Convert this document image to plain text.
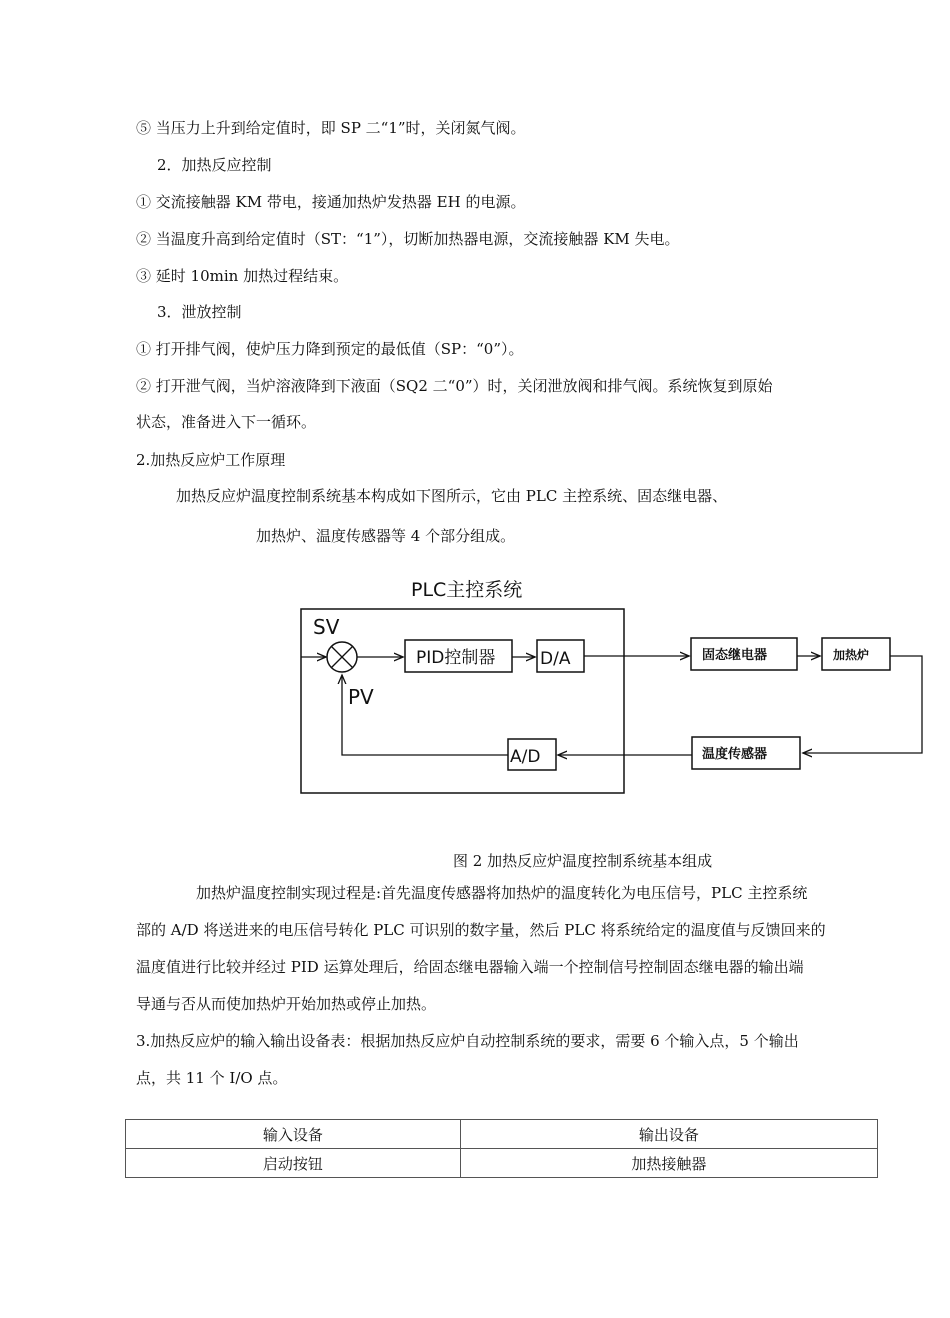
⑤ 当压力上升到给定值时，即 SP 二“1”时，关闭氮气阀。
2．加热反应控制
① 交流接触器 KM 带电，接通加热炉发热器 EH 的电源。
② 当温度升高到给定值时（ST：“1”），切断加热器电源，交流接触器 KM 失电。
③ 延时 10min 加热过程结束。
3．泄放控制
① 打开排气阀，使炉压力降到预定的最低值（SP：“0”）。
② 打开泄气阀，当炉溶液降到下液面（SQ2 二“0”）时，关闭泄放阀和排气阀。系统恢复到原始
状态，准备进入下一循环。
2.加热反应炉工作原理
加热反应炉温度控制系统基本构成如下图所示，它由 PLC 主控系统、固态继电器、
加热炉、温度传感器等 4 个部分组成。
PLC主控系统
SV
PV
PID控制器	D/A	固态继电器	加热炉
温度传感器
A/D
图 2 加热反应炉温度控制系统基本组成
加热炉温度控制实现过程是:首先温度传感器将加热炉的温度转化为电压信号，PLC 主控系统
部的 A/D 将送进来的电压信号转化 PLC 可识别的数字量，然后 PLC 将系统给定的温度值与反馈回来的
温度值进行比较并经过 PID 运算处理后，给固态继电器输入端一个控制信号控制固态继电器的输出端
导通与否从而使加热炉开始加热或停止加热。
3.加热反应炉的输入输出设备表：根据加热反应炉自动控制系统的要求，需要 6 个输入点，5 个输出
点，共 11 个 I/O 点。
输入设备	输出设备
启动按钮	加热接触器
